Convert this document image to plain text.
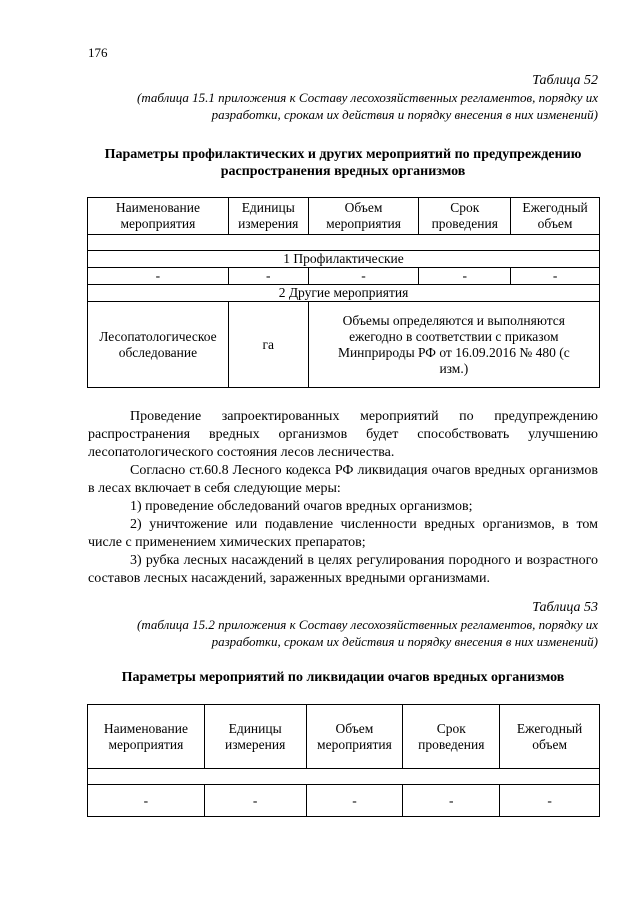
176
Таблица 52
(таблица 15.1 приложения к Составу лесохозяйственных регламентов, порядку их разработки, срокам их действия и порядку внесения в них изменений)
Параметры профилактических и других мероприятий по предупреждению распространения вредных организмов
Наименование мероприятия	Единицы измерения	Объем мероприятия	Срок проведения	Ежегодный объем

1 Профилактические				
-	-	-	-	-
2 Другие мероприятия				
Лесопатологическое обследование	га	Объемы определяются и выполняются ежегодно в соответствии с приказом Минприроды РФ от 16.09.2016 № 480 (с изм.)		

Проведение запроектированных мероприятий по предупреждению распространения вредных организмов будет способствовать улучшению лесопатологического состояния лесов лесничества.

Согласно ст.60.8 Лесного кодекса РФ ликвидация очагов вредных организмов в лесах включает в себя следующие меры:

1) проведение обследований очагов вредных организмов;

2) уничтожение или подавление численности вредных организмов, в том числе с применением химических препаратов;

3) рубка лесных насаждений в целях регулирования породного и возрастного составов лесных насаждений, зараженных вредными организмами.

Таблица 53
(таблица 15.2 приложения к Составу лесохозяйственных регламентов, порядку их разработки, срокам их действия и порядку внесения в них изменений)
Параметры мероприятий по ликвидации очагов вредных организмов
Наименование мероприятия	Единицы измерения	Объем мероприятия	Срок проведения	Ежегодный объем

-	-	-	-	-
